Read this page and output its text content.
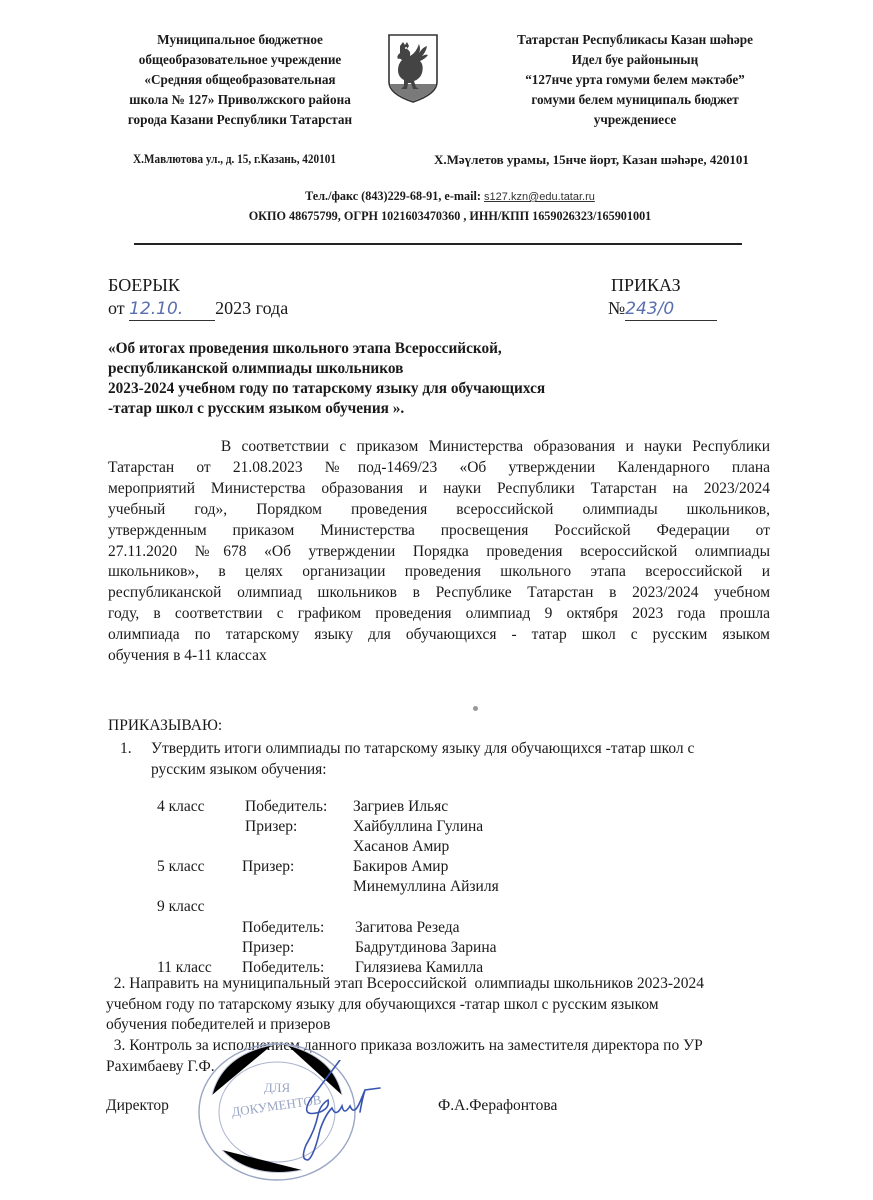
Муниципальное бюджетное
общеобразовательное учреждение
«Средняя общеобразовательная
школа № 127» Приволжского района
города Казани Республики Татарстан
Татарстан Республикасы Казан шәһәре
Идел буе районының
“127нче урта гомуми белем мәктәбе”
гомуми белем муниципаль бюджет
учреждениесе
Х.Мавлютова ул., д. 15, г.Казань, 420101	Х.Мәүлетов урамы, 15нче йорт, Казан шәһәре, 420101
Тел./факс (843)229-68-91, e-mail: s127.kzn@edu.tatar.ru
ОКПО 48675799, ОГРН 1021603470360 , ИНН/КПП 1659026323/165901001
БОЕРЫК
от 12.10. 2023 года
ПРИКАЗ
№243/0
«Об итогах проведения школьного этапа Всероссийской,
республиканской олимпиады школьников
2023-2024 учебном году по татарскому языку для обучающихся
-татар школ с русским языком обучения ».
В соответствии с приказом Министерства образования и науки Республики
Татарстан от 21.08.2023 №под-1469/23 «Об утверждении Календарного плана
мероприятий Министерства образования и науки Республики Татарстан на 2023/2024
учебный год», Порядком проведения всероссийской олимпиады школьников,
утвержденным приказом Министерства просвещения Российской Федерации от
27.11.2020 №678 «Об утверждении Порядка проведения всероссийской олимпиады
школьников», в целях организации проведения школьного этапа всероссийской и
республиканской олимпиад школьников в Республике Татарстан в 2023/2024 учебном
году, в соответствии с графиком проведения олимпиад 9 октября 2023 года прошла
олимпиада по татарскому языку для обучающихся - татар школ с русским языком
обучения в 4-11 классах
ПРИКАЗЫВАЮ:
1. Утвердить итоги олимпиады по татарскому языку для обучающихся -татар школ с
русским языком обучения:
4 класс	Победитель: Загриев Ильяс
Призер:	Хайбуллина Гулина
Хасанов Амир
5 класс Призер:	Бакиров Амир
Минемуллина Айзиля
9 класс
Победитель: Загитова Резеда
Призер:	Бадрутдинова Зарина
11 класс Победитель: Гилязиева Камилла
2. Направить на муниципальный этап Всероссийской  олимпиады школьников 2023-2024
учебном году по татарскому языку для обучающихся -татар школ с русским языком
обучения победителей и призеров
3. Контроль за исполнением данного приказа возложить на заместителя директора по УР
Рахимбаеву Г.Ф.
ДЛЯ
ДОКУМЕНТОВ
Директор	Ф.А.Ферафонтова
